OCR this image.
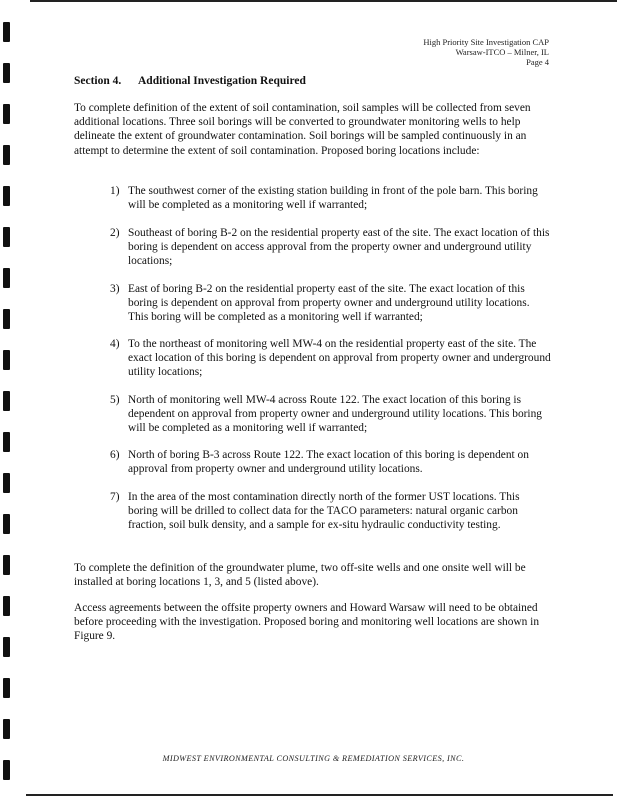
High Priority Site Investigation CAP
Warsaw-ITCO – Milner, IL
Page 4
Section 4. Additional Investigation Required

To complete definition of the extent of soil contamination, soil samples will be collected from seven additional locations. Three soil borings will be converted to groundwater monitoring wells to help delineate the extent of groundwater contamination. Soil borings will be sampled continuously in an attempt to determine the extent of soil contamination. Proposed boring locations include:

1) The southwest corner of the existing station building in front of the pole barn. This boring will be completed as a monitoring well if warranted;
2) Southeast of boring B-2 on the residential property east of the site. The exact location of this boring is dependent on access approval from the property owner and underground utility locations;
3) East of boring B-2 on the residential property east of the site. The exact location of this boring is dependent on approval from property owner and underground utility locations. This boring will be completed as a monitoring well if warranted;
4) To the northeast of monitoring well MW-4 on the residential property east of the site. The exact location of this boring is dependent on approval from property owner and underground utility locations;
5) North of monitoring well MW-4 across Route 122. The exact location of this boring is dependent on approval from property owner and underground utility locations. This boring will be completed as a monitoring well if warranted;
6) North of boring B-3 across Route 122. The exact location of this boring is dependent on approval from property owner and underground utility locations.
7) In the area of the most contamination directly north of the former UST locations. This boring will be drilled to collect data for the TACO parameters: natural organic carbon fraction, soil bulk density, and a sample for ex-situ hydraulic conductivity testing.

To complete the definition of the groundwater plume, two off-site wells and one onsite well will be installed at boring locations 1, 3, and 5 (listed above).

Access agreements between the offsite property owners and Howard Warsaw will need to be obtained before proceeding with the investigation. Proposed boring and monitoring well locations are shown in Figure 9.

MIDWEST ENVIRONMENTAL CONSULTING & REMEDIATION SERVICES, INC.
